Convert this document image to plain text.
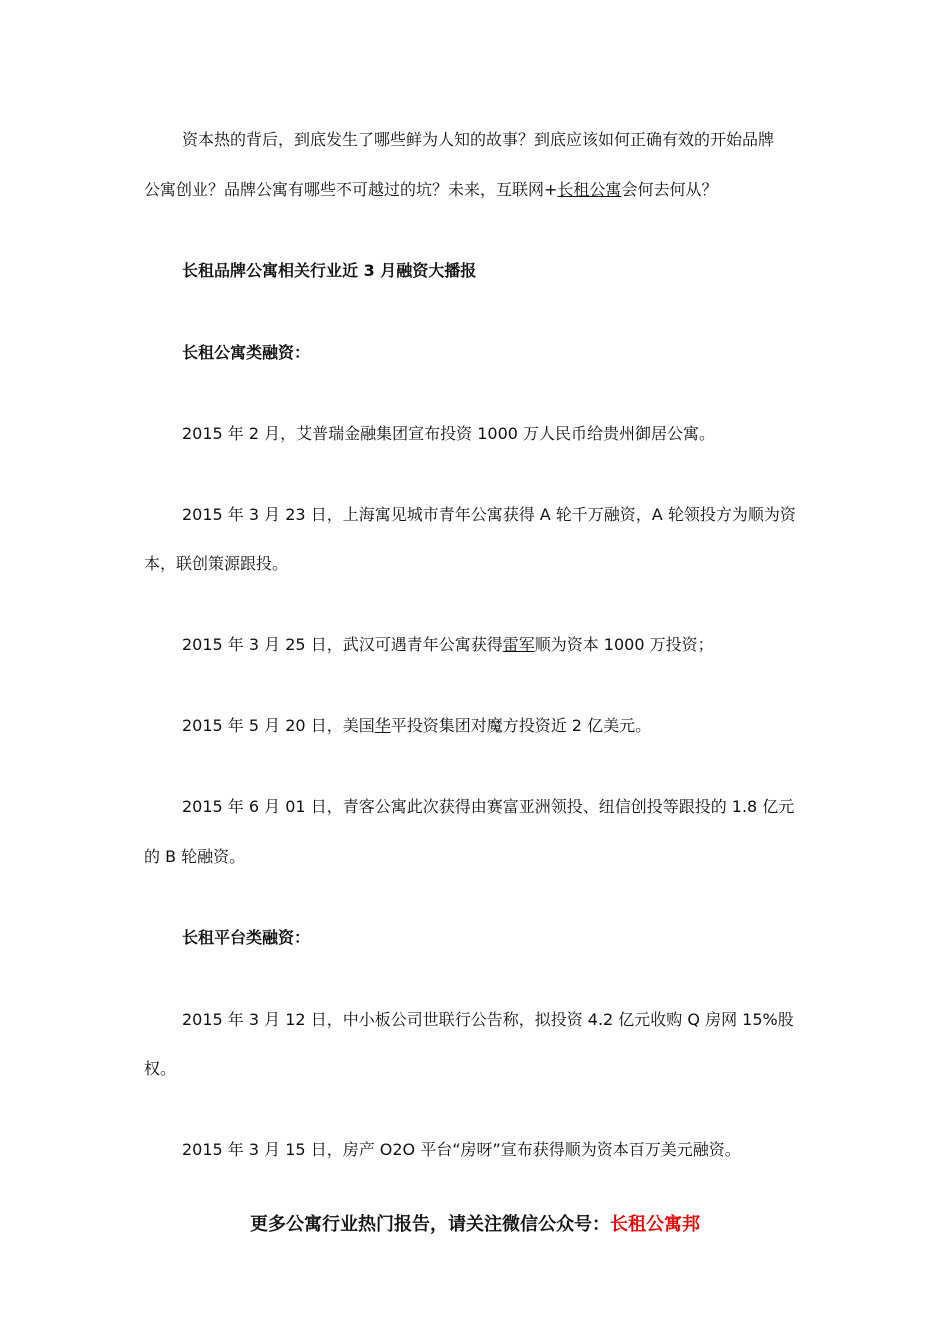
资本热的背后，到底发生了哪些鲜为人知的故事？到底应该如何正确有效的开始品牌
公寓创业？品牌公寓有哪些不可越过的坑？未来，互联网+长租公寓会何去何从？
长租品牌公寓相关行业近 3 月融资大播报
长租公寓类融资：
2015 年 2 月，艾普瑞金融集团宣布投资 1000 万人民币给贵州御居公寓。
2015 年 3 月 23 日，上海寓见城市青年公寓获得 A 轮千万融资，A 轮领投方为顺为资
本，联创策源跟投。
2015 年 3 月 25 日，武汉可遇青年公寓获得雷军顺为资本 1000 万投资；
2015 年 5 月 20 日，美国华平投资集团对魔方投资近 2 亿美元。
2015 年 6 月 01 日，青客公寓此次获得由赛富亚洲领投、纽信创投等跟投的 1.8 亿元
的 B 轮融资。
长租平台类融资：
2015 年 3 月 12 日，中小板公司世联行公告称，拟投资 4.2 亿元收购 Q 房网 15%股
权。
2015 年 3 月 15 日，房产 O2O 平台“房呀”宣布获得顺为资本百万美元融资。
更多公寓行业热门报告，请关注微信公众号：长租公寓邦
